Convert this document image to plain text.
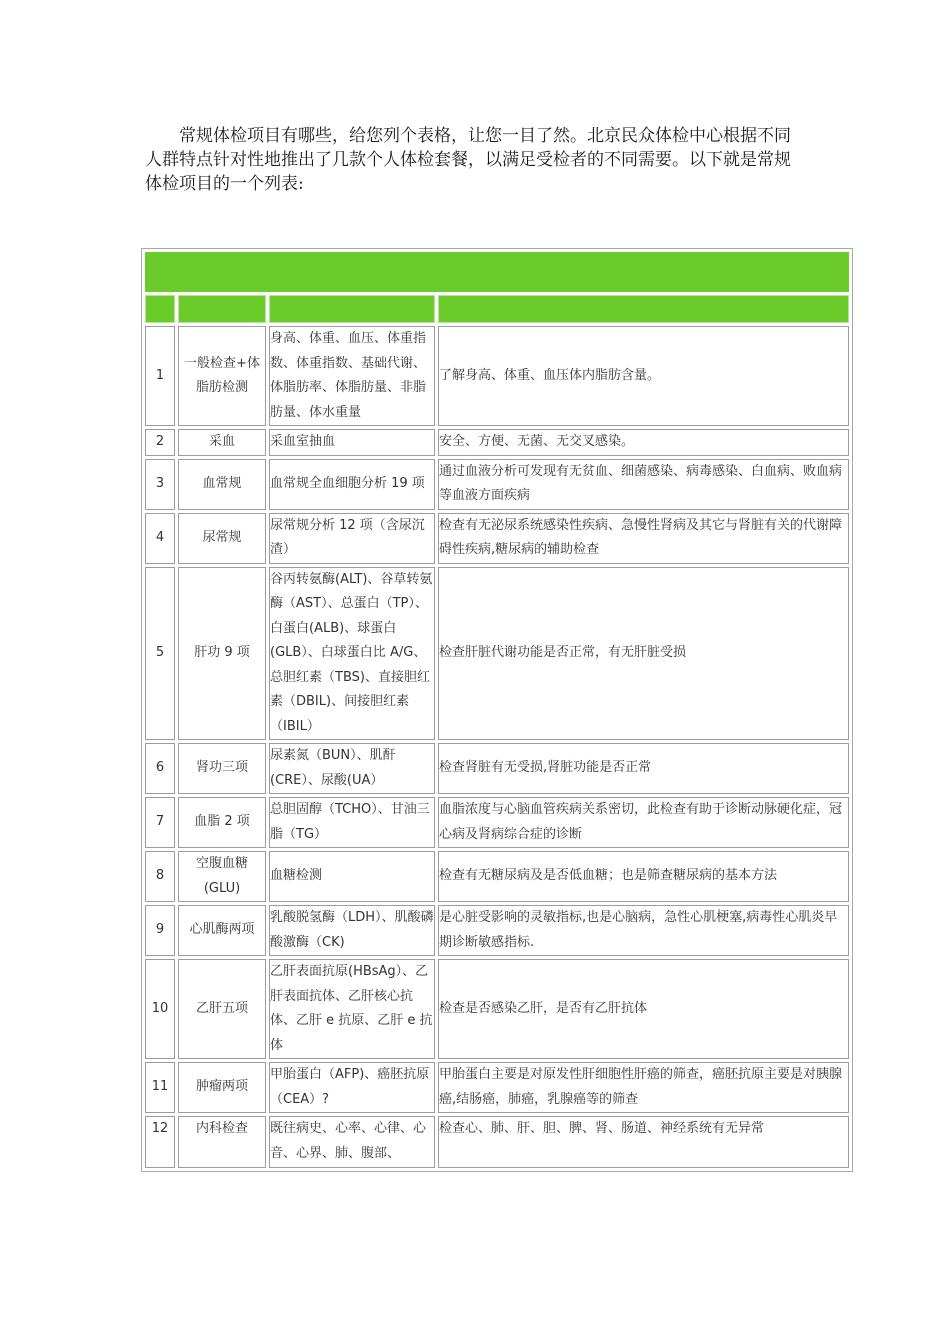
常规体检项目有哪些，给您列个表格，让您一目了然。北京民众体检中心根据不同人群特点针对性地推出了几款个人体检套餐，以满足受检者的不同需要。以下就是常规体检项目的一个列表:

1	一般检查+体脂肪检测	身高、体重、血压、体重指数、体重指数、基础代谢、体脂肪率、体脂肪量、非脂肪量、体水重量	了解身高、体重、血压体内脂肪含量。
2	采血	采血室抽血	安全、方便、无菌、无交叉感染。
3	血常规	血常规全血细胞分析 19 项	通过血液分析可发现有无贫血、细菌感染、病毒感染、白血病、败血病等血液方面疾病
4	尿常规	尿常规分析 12 项（含尿沉渣）	检查有无泌尿系统感染性疾病、急慢性肾病及其它与肾脏有关的代谢障碍性疾病,糖尿病的辅助检查
5	肝功 9 项	谷丙转氨酶(ALT)、谷草转氨酶（AST）、总蛋白（TP）、白蛋白(ALB)、球蛋白(GLB）、白球蛋白比 A/G、总胆红素（TBS)、直接胆红素（DBIL)、间接胆红素（IBIL）	检查肝脏代谢功能是否正常，有无肝脏受损
6	肾功三项	尿素氮（BUN）、肌酐(CRE）、尿酸(UA）	检查肾脏有无受损,肾脏功能是否正常
7	血脂 2 项	总胆固醇（TCHO）、甘油三脂（TG）	血脂浓度与心脑血管疾病关系密切，此检查有助于诊断动脉硬化症，冠心病及肾病综合症的诊断
8	空腹血糖(GLU)	血糖检测	检查有无糖尿病及是否低血糖；也是筛查糖尿病的基本方法
9	心肌酶两项	乳酸脱氢酶（LDH）、肌酸磷酸激酶（CK)	是心脏受影响的灵敏指标,也是心脑病，急性心肌梗塞,病毒性心肌炎早期诊断敏感指标.
10	乙肝五项	乙肝表面抗原(HBsAg）、乙肝表面抗体、乙肝核心抗体、乙肝 e 抗原、乙肝 e 抗体	检查是否感染乙肝，是否有乙肝抗体
11	肿瘤两项	甲胎蛋白（AFP)、癌胚抗原（CEA）?	甲胎蛋白主要是对原发性肝细胞性肝癌的筛查，癌胚抗原主要是对胰腺癌,结肠癌，肺癌，乳腺癌等的筛查

12	内科检查	既往病史、心率、心律、心音、心界、肺、腹部、	检查心、肺、肝、胆、脾、肾、肠道、神经系统有无异常
